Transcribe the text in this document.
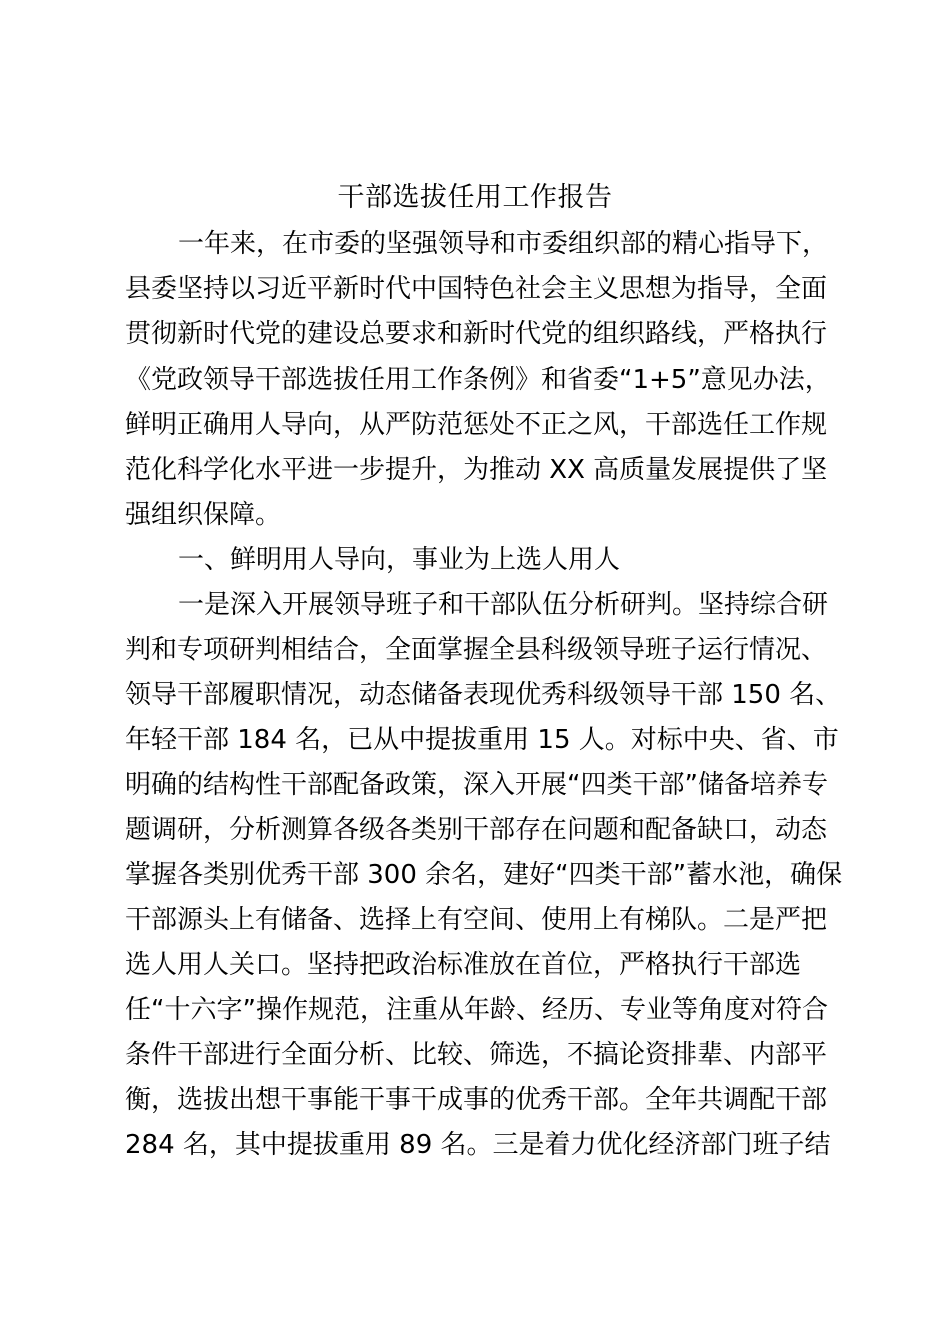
干部选拔任用工作报告

一年来，在市委的坚强领导和市委组织部的精心指导下，

县委坚持以习近平新时代中国特色社会主义思想为指导，全面

贯彻新时代党的建设总要求和新时代党的组织路线，严格执行

《党政领导干部选拔任用工作条例》和省委“1+5”意见办法，

鲜明正确用人导向，从严防范惩处不正之风，干部选任工作规

范化科学化水平进一步提升，为推动 XX 高质量发展提供了坚

强组织保障。

一、鲜明用人导向，事业为上选人用人

一是深入开展领导班子和干部队伍分析研判。坚持综合研

判和专项研判相结合，全面掌握全县科级领导班子运行情况、

领导干部履职情况，动态储备表现优秀科级领导干部 150 名、

年轻干部 184 名，已从中提拔重用 15 人。对标中央、省、市

明确的结构性干部配备政策，深入开展“四类干部”储备培养专

题调研，分析测算各级各类别干部存在问题和配备缺口，动态

掌握各类别优秀干部 300 余名，建好“四类干部”蓄水池，确保

干部源头上有储备、选择上有空间、使用上有梯队。二是严把

选人用人关口。坚持把政治标准放在首位，严格执行干部选

任“十六字”操作规范，注重从年龄、经历、专业等角度对符合

条件干部进行全面分析、比较、筛选，不搞论资排辈、内部平

衡，选拔出想干事能干事干成事的优秀干部。全年共调配干部

284 名，其中提拔重用 89 名。三是着力优化经济部门班子结
